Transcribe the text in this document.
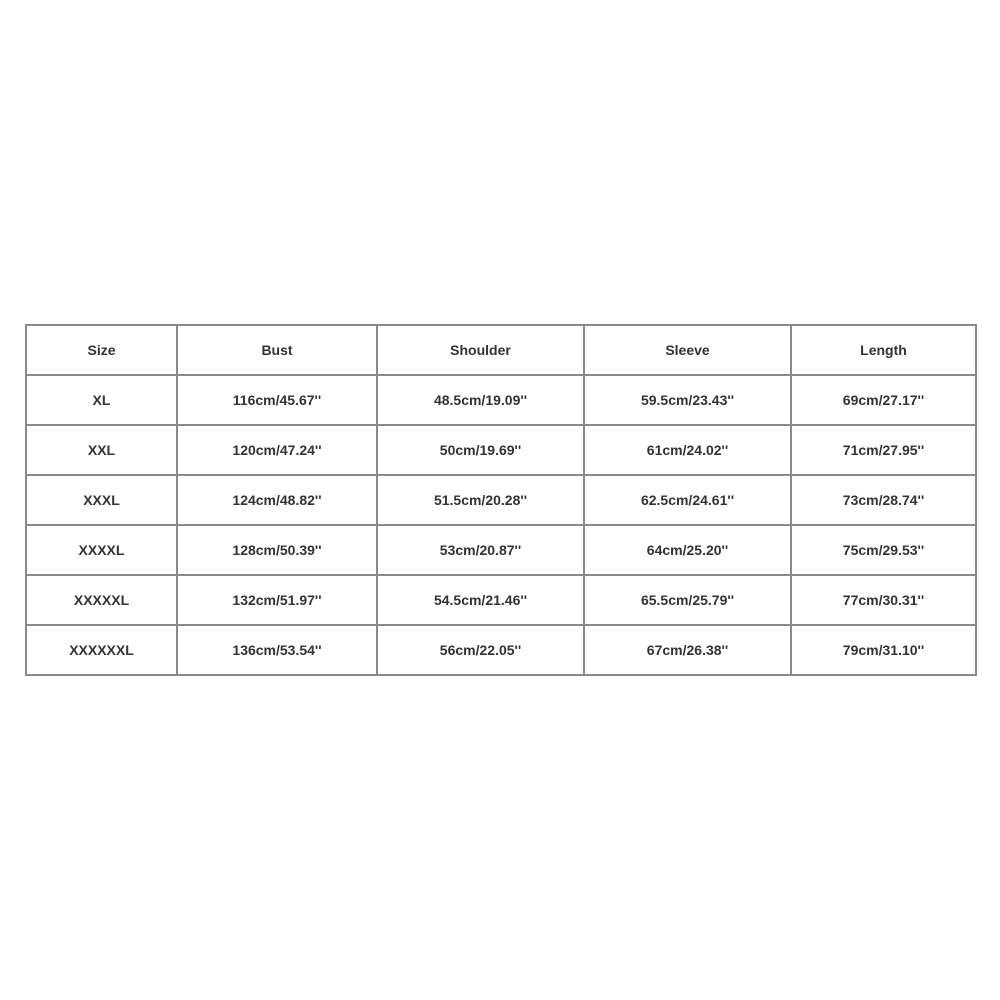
Size	Bust	Shoulder	Sleeve	Length
XL	116cm/45.67''	48.5cm/19.09''	59.5cm/23.43''	69cm/27.17''
XXL	120cm/47.24''	50cm/19.69''	61cm/24.02''	71cm/27.95''
XXXL	124cm/48.82''	51.5cm/20.28''	62.5cm/24.61''	73cm/28.74''
XXXXL	128cm/50.39''	53cm/20.87''	64cm/25.20''	75cm/29.53''
XXXXXL	132cm/51.97''	54.5cm/21.46''	65.5cm/25.79''	77cm/30.31''
XXXXXXL	136cm/53.54''	56cm/22.05''	67cm/26.38''	79cm/31.10''
